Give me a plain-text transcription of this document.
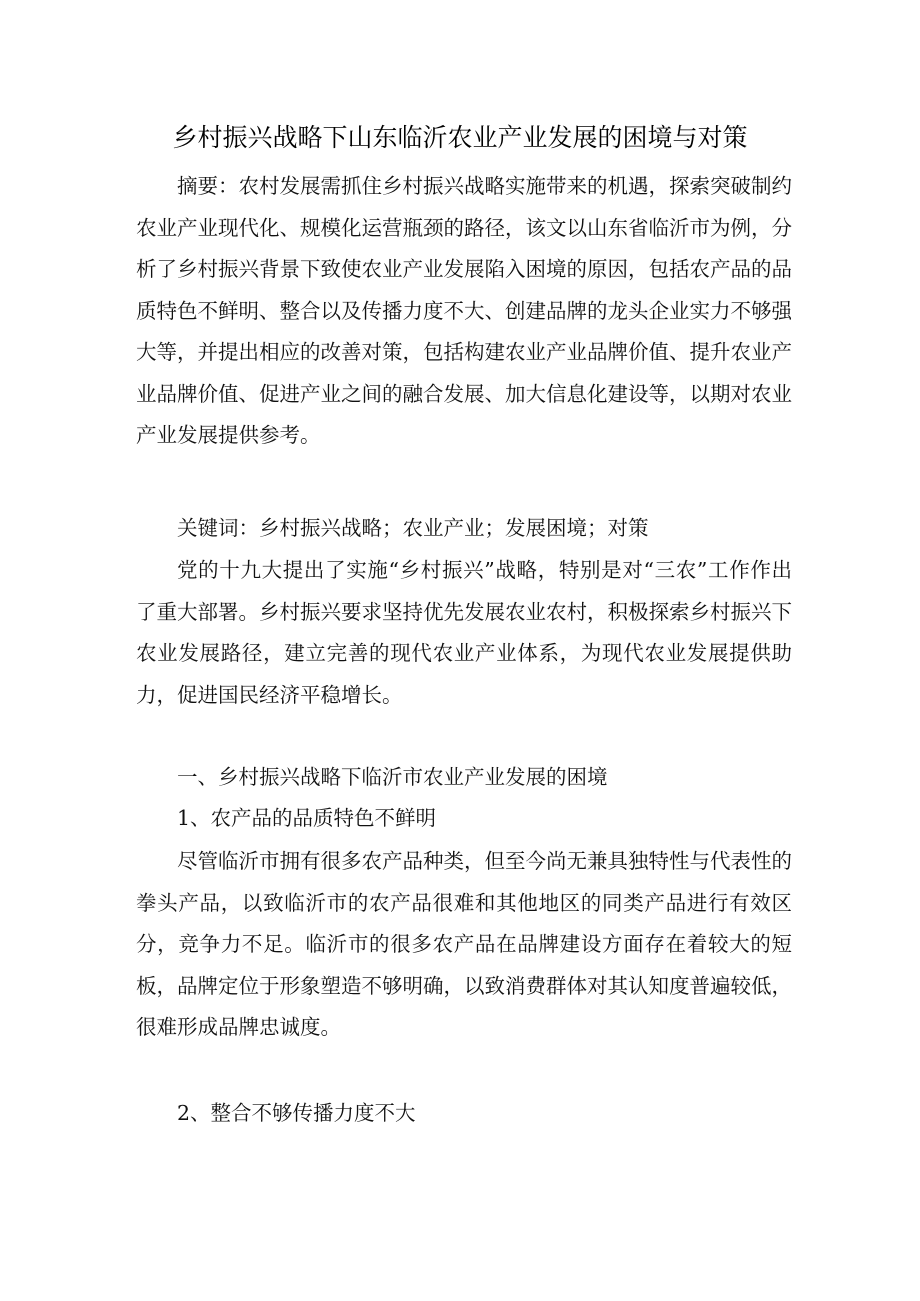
乡村振兴战略下山东临沂农业产业发展的困境与对策

摘要：农村发展需抓住乡村振兴战略实施带来的机遇，探索突破制约农业产业现代化、规模化运营瓶颈的路径，该文以山东省临沂市为例，分析了乡村振兴背景下致使农业产业发展陷入困境的原因，包括农产品的品质特色不鲜明、整合以及传播力度不大、创建品牌的龙头企业实力不够强大等，并提出相应的改善对策，包括构建农业产业品牌价值、提升农业产业品牌价值、促进产业之间的融合发展、加大信息化建设等，以期对农业产业发展提供参考。

关键词：乡村振兴战略；农业产业；发展困境；对策

党的十九大提出了实施“乡村振兴”战略，特别是对“三农”工作作出了重大部署。乡村振兴要求坚持优先发展农业农村，积极探索乡村振兴下农业发展路径，建立完善的现代农业产业体系，为现代农业发展提供助力，促进国民经济平稳增长。

一、乡村振兴战略下临沂市农业产业发展的困境

1、农产品的品质特色不鲜明

尽管临沂市拥有很多农产品种类，但至今尚无兼具独特性与代表性的拳头产品，以致临沂市的农产品很难和其他地区的同类产品进行有效区分，竞争力不足。临沂市的很多农产品在品牌建设方面存在着较大的短板，品牌定位于形象塑造不够明确，以致消费群体对其认知度普遍较低，很难形成品牌忠诚度。

2、整合不够传播力度不大
